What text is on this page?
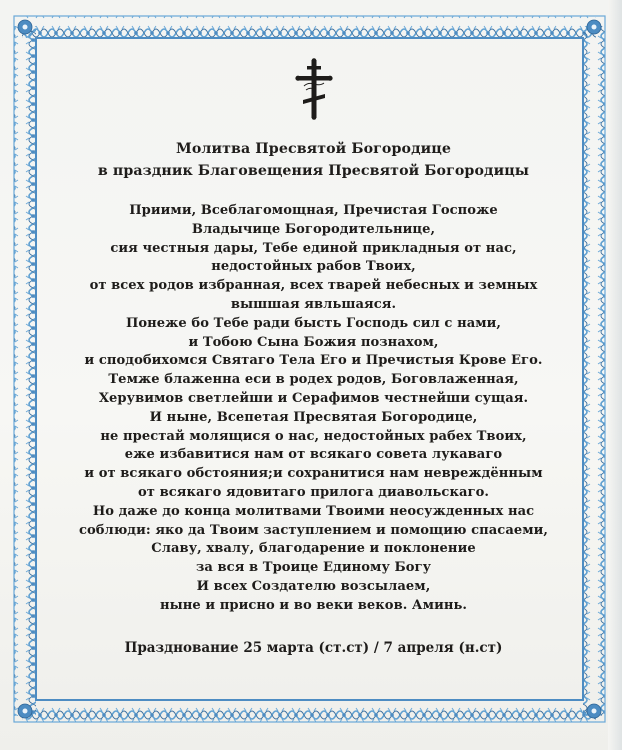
Молитва Пресвятой Богородице
в праздник Благовещения Пресвятой Богородицы
Приими, Всеблагомощная, Пречистая Госпоже
Владычице Богородительнице,
сия честныя дары, Тебе единой прикладныя от нас,
недостойных рабов Твоих,
от всех родов избранная, всех тварей небесных и земных
вышшая явльшаяся.
Понеже бо Тебе ради бысть Господь сил с нами,
и Тобою Сына Божия познахом,
и сподобихомся Святаго Тела Его и Пречистыя Крове Его.
Темже блаженна еси в родех родов, Боговлаженная,
Херувимов светлейши и Серафимов честнейши сущая.
И ныне, Всепетая Пресвятая Богородице,
не престай молящися о нас, недостойных рабех Твоих,
еже избавитися нам от всякаго совета лукаваго
и от всякаго обстояния;и сохранитися нам невреждённым
от всякаго ядовитаго прилога диавольскаго.
Но даже до конца молитвами Твоими неосужденных нас
соблюди: яко да Твоим заступлением и помощию спасаеми,
Славу, хвалу, благодарение и поклонение
за вся в Троице Единому Богу
И всех Создателю возсылаем,
ныне и присно и во веки веков. Аминь.
Празднование 25 марта (ст.ст) / 7 апреля (н.ст)
